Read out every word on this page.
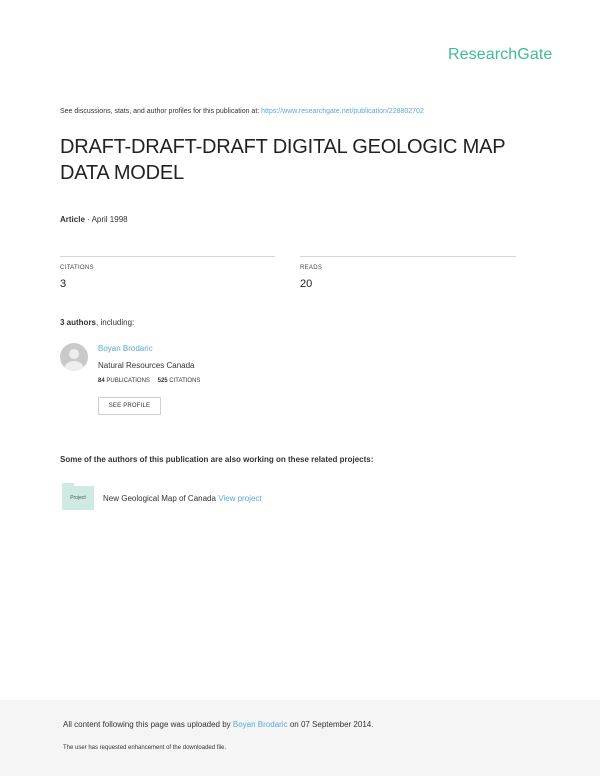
ResearchGate
See discussions, stats, and author profiles for this publication at: https://www.researchgate.net/publication/228802702
DRAFT-DRAFT-DRAFT DIGITAL GEOLOGIC MAP
DATA MODEL
Article · April 1998
CITATIONS
3
READS
20
3 authors, including:
Boyan Brodaric
Natural Resources Canada
84 PUBLICATIONS 525 CITATIONS
SEE PROFILE
Some of the authors of this publication are also working on these related projects:
Project	New Geological Map of Canada View project
All content following this page was uploaded by Boyan Brodaric on 07 September 2014.
The user has requested enhancement of the downloaded file.
